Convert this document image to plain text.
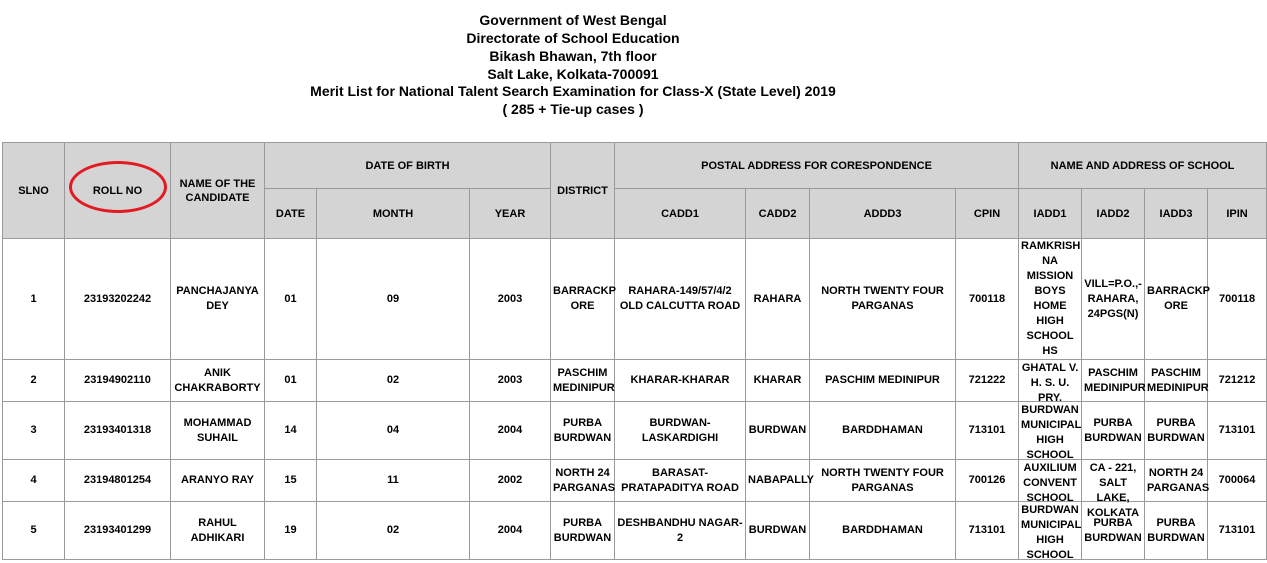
Government of West Bengal
Directorate of School Education
Bikash Bhawan, 7th floor
Salt Lake, Kolkata-700091
Merit List for National Talent Search Examination for Class-X (State Level) 2019
( 285 + Tie-up cases )
SLNO	ROLL NO	NAME OF THE CANDIDATE	DATE OF BIRTH			DISTRICT	POSTAL ADDRESS FOR CORESPONDENCE				NAME AND ADDRESS OF SCHOOL			
			DATE	MONTH	YEAR		CADD1	CADD2	ADDD3	CPIN	IADD1	IADD2	IADD3	IPIN
1	23193202242	PANCHAJANYA DEY	01	09	2003	BARRACKP ORE	RAHARA-149/57/4/2 OLD CALCUTTA ROAD	RAHARA	NORTH TWENTY FOUR PARGANAS	700118	RAMKRISH NA MISSION BOYS HOME HIGH SCHOOL HS	VILL=P.O.,-RAHARA, 24PGS(N)	BARRACKP ORE	700118
2	23194902110	ANIK CHAKRABORTY	01	02	2003	PASCHIM MEDINIPUR	KHARAR-KHARAR	KHARAR	PASCHIM MEDINIPUR	721222	GHATAL V. H. S. U. PRY.	PASCHIM MEDINIPUR	PASCHIM MEDINIPUR	721212
3	23193401318	MOHAMMAD SUHAIL	14	04	2004	PURBA BURDWAN	BURDWAN-LASKARDIGHI	BURDWAN	BARDDHAMAN	713101	BURDWAN MUNICIPAL HIGH SCHOOL	PURBA BURDWAN	PURBA BURDWAN	713101
4	23194801254	ARANYO RAY	15	11	2002	NORTH 24 PARGANAS	BARASAT-PRATAPADITYA ROAD	NABAPALLY	NORTH TWENTY FOUR PARGANAS	700126	AUXILIUM CONVENT SCHOOL	CA - 221, SALT LAKE, KOLKATA	NORTH 24 PARGANAS	700064
5	23193401299	RAHUL ADHIKARI	19	02	2004	PURBA BURDWAN	DESHBANDHU NAGAR-2	BURDWAN	BARDDHAMAN	713101	BURDWAN MUNICIPAL HIGH SCHOOL	PURBA BURDWAN	PURBA BURDWAN	713101
